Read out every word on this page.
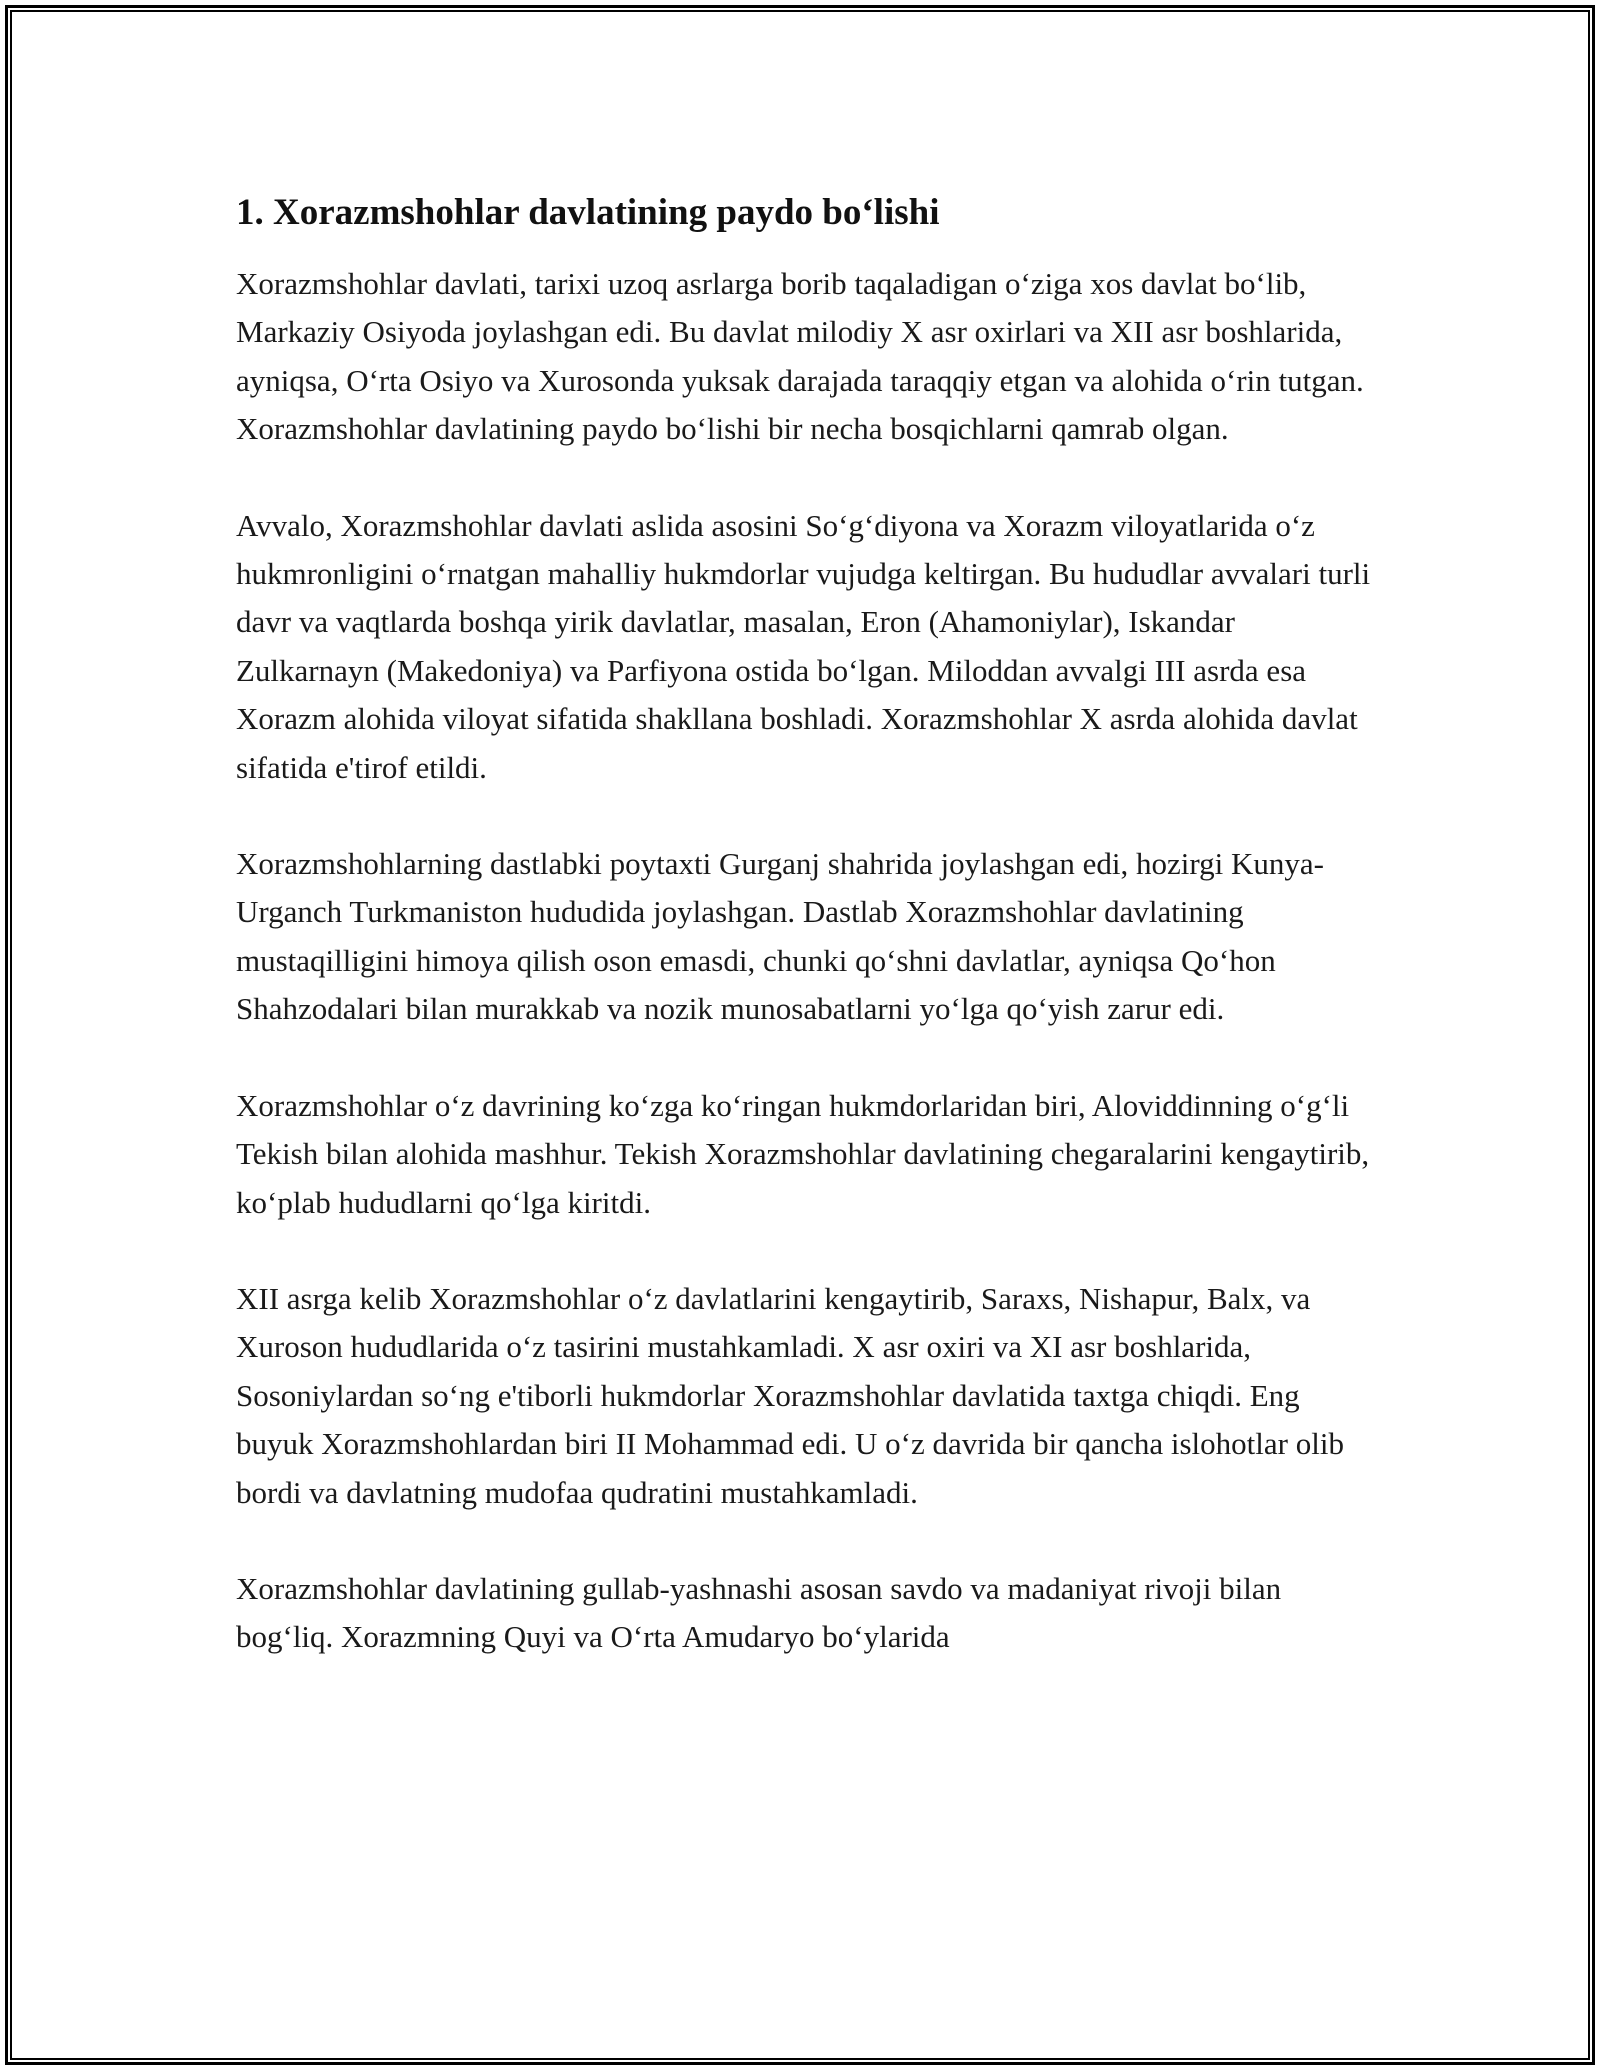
1. Xorazmshohlar davlatining paydo bo‘lishi

Xorazmshohlar davlati, tarixi uzoq asrlarga borib taqaladigan o‘ziga xos davlat bo‘lib, Markaziy Osiyoda joylashgan edi. Bu davlat milodiy X asr oxirlari va XII asr boshlarida, ayniqsa, O‘rta Osiyo va Xurosonda yuksak darajada taraqqiy etgan va alohida o‘rin tutgan. Xorazmshohlar davlatining paydo bo‘lishi bir necha bosqichlarni qamrab olgan.

Avvalo, Xorazmshohlar davlati aslida asosini So‘g‘diyona va Xorazm viloyatlarida o‘z hukmronligini o‘rnatgan mahalliy hukmdorlar vujudga keltirgan. Bu hududlar avvalari turli davr va vaqtlarda boshqa yirik davlatlar, masalan, Eron (Ahamoniylar), Iskandar Zulkarnayn (Makedoniya) va Parfiyona ostida bo‘lgan. Miloddan avvalgi III asrda esa Xorazm alohida viloyat sifatida shakllana boshladi. Xorazmshohlar X asrda alohida davlat sifatida e'tirof etildi.

Xorazmshohlarning dastlabki poytaxti Gurganj shahrida joylashgan edi, hozirgi Kunya-Urganch Turkmaniston hududida joylashgan. Dastlab Xorazmshohlar davlatining mustaqilligini himoya qilish oson emasdi, chunki qo‘shni davlatlar, ayniqsa Qo‘hon Shahzodalari bilan murakkab va nozik munosabatlarni yo‘lga qo‘yish zarur edi.

Xorazmshohlar o‘z davrining ko‘zga ko‘ringan hukmdorlaridan biri, Aloviddinning o‘g‘li Tekish bilan alohida mashhur. Tekish Xorazmshohlar davlatining chegaralarini kengaytirib, ko‘plab hududlarni qo‘lga kiritdi.

XII asrga kelib Xorazmshohlar o‘z davlatlarini kengaytirib, Saraxs, Nishapur, Balx, va Xuroson hududlarida o‘z tasirini mustahkamladi. X asr oxiri va XI asr boshlarida, Sosoniylardan so‘ng e'tiborli hukmdorlar Xorazmshohlar davlatida taxtga chiqdi. Eng buyuk Xorazmshohlardan biri II Mohammad edi. U o‘z davrida bir qancha islohotlar olib bordi va davlatning mudofaa qudratini mustahkamladi.

Xorazmshohlar davlatining gullab-yashnashi asosan savdo va madaniyat rivoji bilan bog‘liq. Xorazmning Quyi va O‘rta Amudaryo bo‘ylarida
